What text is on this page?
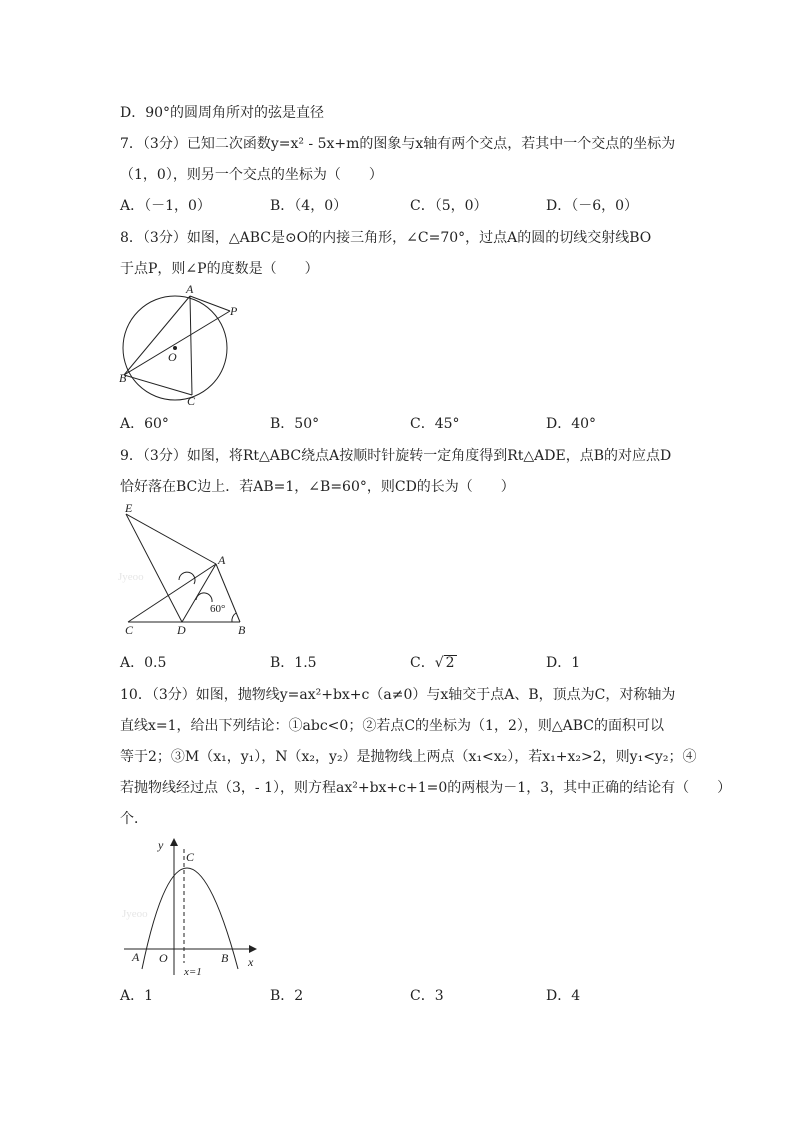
D．90°的圆周角所对的弦是直径
7．（3分）已知二次函数y=x² - 5x+m的图象与x轴有两个交点，若其中一个交点的坐标为
（1，0），则另一个交点的坐标为（　　）
A．（－1，0）	B．（4，0）	C．（5，0）	D．（－6，0）
8．（3分）如图，△ABC是⊙O的内接三角形，∠C=70°，过点A的圆的切线交射线BO
于点P，则∠P的度数是（　　）
A
P
O
B
C
A．60°	B．50°	C．45°	D．40°
9．（3分）如图，将Rt△ABC绕点A按顺时针旋转一定角度得到Rt△ADE，点B的对应点D
恰好落在BC边上．若AB=1，∠B=60°，则CD的长为（　　）
Jyeoo
E
A
C	D	B
60°
A．0.5	B．1.5	C．√ 2	D．1
10．（3分）如图，抛物线y=ax²+bx+c（a≠0）与x轴交于点A、B，顶点为C，对称轴为
直线x=1，给出下列结论：①abc<0；②若点C的坐标为（1，2），则△ABC的面积可以
等于2；③M（x₁，y₁），N（x₂，y₂）是抛物线上两点（x₁<x₂），若x₁+x₂>2，则y₁<y₂；④
若抛物线经过点（3，- 1），则方程ax²+bx+c+1=0的两根为－1，3，其中正确的结论有（　　）
个．
Jyeoo
y
C
A O	B x
x=1
A．1	B．2	C．3	D．4
